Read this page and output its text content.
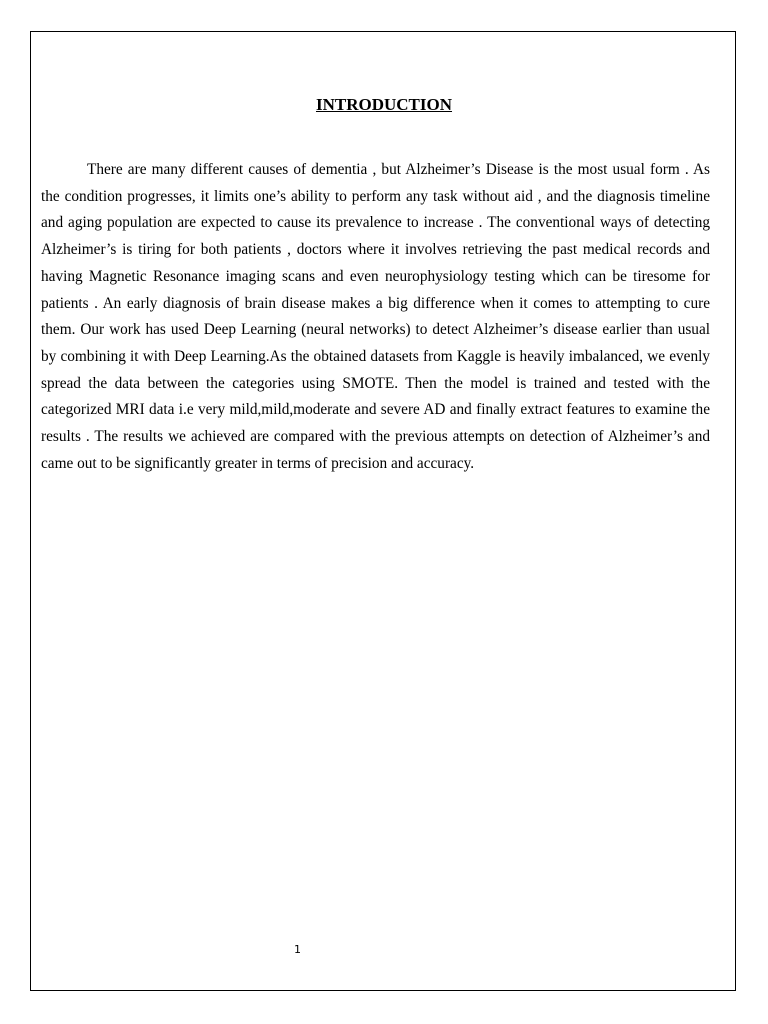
INTRODUCTION

There are many different causes of dementia , but Alzheimer’s Disease is the most usual form . As the condition progresses, it limits one’s ability to perform any task without aid , and the diagnosis timeline and aging population are expected to cause its prevalence to increase . The conventional ways of detecting Alzheimer’s is tiring for both patients , doctors where it involves retrieving the past medical records and having Magnetic Resonance imaging scans and even neurophysiology testing which can be tiresome for patients . An early diagnosis of brain disease makes a big difference when it comes to attempting to cure them. Our work has used Deep Learning (neural networks) to detect Alzheimer’s disease earlier than usual by combining it with Deep Learning.As the obtained datasets from Kaggle is heavily imbalanced, we evenly spread the data between the categories using SMOTE. Then the model is trained and tested with the categorized MRI data i.e very mild,mild,moderate and severe AD and finally extract features to examine the results . The results we achieved are compared with the previous attempts on detection of Alzheimer’s and came out to be significantly greater in terms of precision and accuracy.

1
